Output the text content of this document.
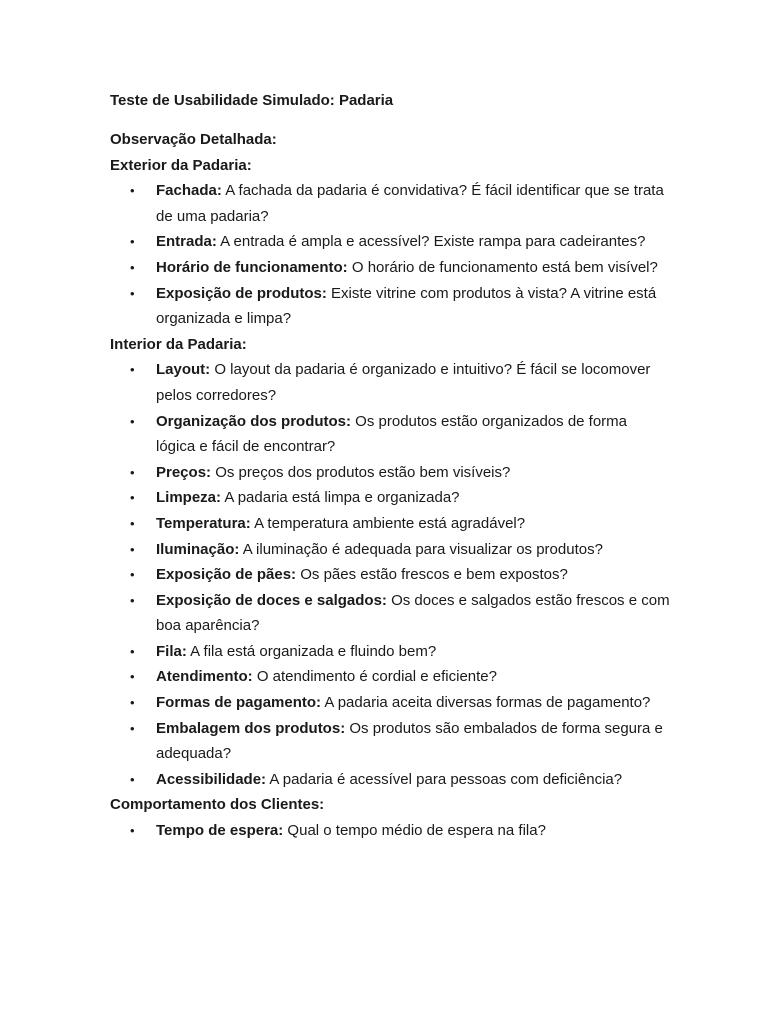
Teste de Usabilidade Simulado: Padaria
Observação Detalhada:
Exterior da Padaria:
• Fachada: A fachada da padaria é convidativa? É fácil identificar que se trata de uma padaria?
• Entrada: A entrada é ampla e acessível? Existe rampa para cadeirantes?
• Horário de funcionamento: O horário de funcionamento está bem visível?
• Exposição de produtos: Existe vitrine com produtos à vista? A vitrine está organizada e limpa?
Interior da Padaria:
• Layout: O layout da padaria é organizado e intuitivo? É fácil se locomover pelos corredores?
• Organização dos produtos: Os produtos estão organizados de forma lógica e fácil de encontrar?
• Preços: Os preços dos produtos estão bem visíveis?
• Limpeza: A padaria está limpa e organizada?
• Temperatura: A temperatura ambiente está agradável?
• Iluminação: A iluminação é adequada para visualizar os produtos?
• Exposição de pães: Os pães estão frescos e bem expostos?
• Exposição de doces e salgados: Os doces e salgados estão frescos e com boa aparência?
• Fila: A fila está organizada e fluindo bem?
• Atendimento: O atendimento é cordial e eficiente?
• Formas de pagamento: A padaria aceita diversas formas de pagamento?
• Embalagem dos produtos: Os produtos são embalados de forma segura e adequada?
• Acessibilidade: A padaria é acessível para pessoas com deficiência?
Comportamento dos Clientes:
• Tempo de espera: Qual o tempo médio de espera na fila?
